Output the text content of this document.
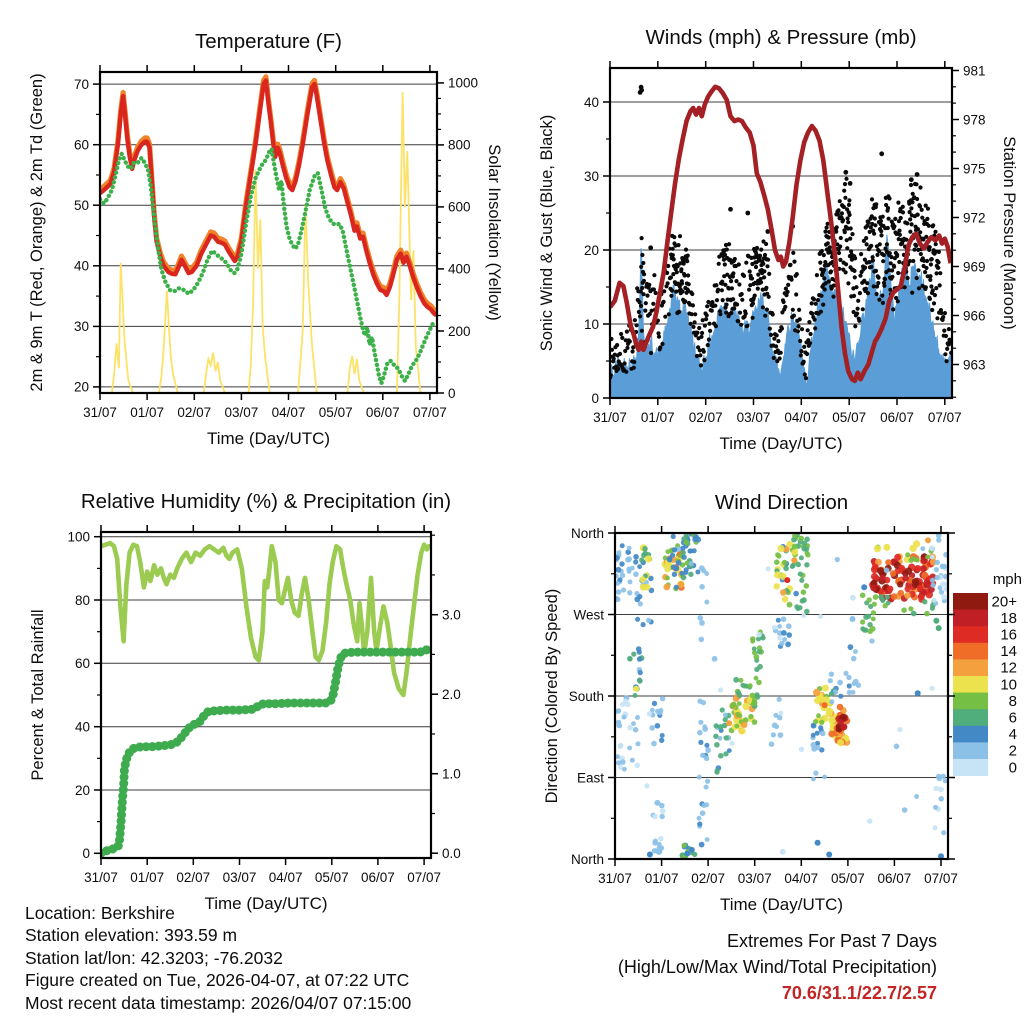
31/07 01/07 02/07 03/07 04/07 05/07 06/07 07/07
Time (Day/UTC)
20
30
40
50
60
70
0
200
400
600
800
1000
2m & 9m T (Red, Orange) & 2m Td (Green)	Solar Insolation (Yellow)
Temperature (F)
31/07 01/07 02/07 03/07 04/07 05/07 06/07 07/07
Time (Day/UTC)
0
10
20
30
40
963
966
969
972
975
978
981
Sonic Wind & Gust (Blue, Black)	Station Pressure (Maroon)
Winds (mph) & Pressure (mb)
31/07 01/07 02/07 03/07 04/07 05/07 06/07 07/07
Time (Day/UTC)
0
20
40
60
80
100
0.0
1.0
2.0
3.0
Percent & Total Rainfall
Relative Humidity (%) & Precipitation (in)
mph
20+
18
16
14
12
10
8
6
4
2
0
31/07 01/07 02/07 03/07 04/07 05/07 06/07 07/07
Time (Day/UTC)
North
West
South
East
North
Direction (Colored By Speed)
Wind Direction
Location: Berkshire
Station elevation: 393.59 m
Station lat/lon: 42.3203; -76.2032
Figure created on Tue, 2026-04-07, at 07:22 UTC
Most recent data timestamp: 2026/04/07 07:15:00
Extremes For Past 7 Days
(High/Low/Max Wind/Total Precipitation)
70.6/31.1/22.7/2.57
